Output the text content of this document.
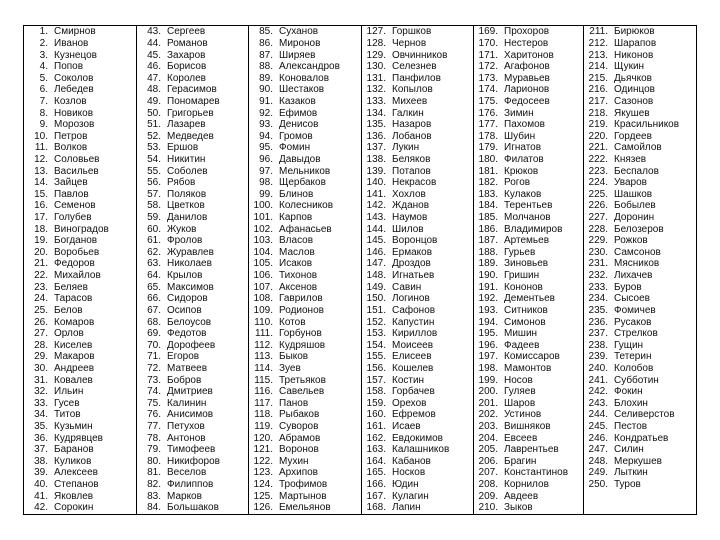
1. Смирнов	43. Сергеев	85. Суханов	127. Горшков	169. Прохоров	211. Бирюков
2. Иванов	44. Романов	86. Миронов	128. Чернов	170. Нестеров	212. Шарапов
3. Кузнецов	45. Захаров	87. Ширяев	129. Овчинников	171. Харитонов	213. Никонов
4. Попов	46. Борисов	88. Александров	130. Селезнев	172. Агафонов	214. Щукин
5. Соколов	47. Королев	89. Коновалов	131. Панфилов	173. Муравьев	215. Дьячков
6. Лебедев	48. Герасимов	90. Шестаков	132. Копылов	174. Ларионов	216. Одинцов
7. Козлов	49. Пономарев	91. Казаков	133. Михеев	175. Федосеев	217. Сазонов
8. Новиков	50. Григорьев	92. Ефимов	134. Галкин	176. Зимин	218. Якушев
9. Морозов	51. Лазарев	93. Денисов	135. Назаров	177. Пахомов	219. Красильников
10. Петров	52. Медведев	94. Громов	136. Лобанов	178. Шубин	220. Гордеев
11. Волков	53. Ершов	95. Фомин	137. Лукин	179. Игнатов	221. Самойлов
12. Соловьев	54. Никитин	96. Давыдов	138. Беляков	180. Филатов	222. Князев
13. Васильев	55. Соболев	97. Мельников	139. Потапов	181. Крюков	223. Беспалов
14. Зайцев	56. Рябов	98. Щербаков	140. Некрасов	182. Рогов	224. Уваров
15. Павлов	57. Поляков	99. Блинов	141. Хохлов	183. Кулаков	225. Шашков
16. Семенов	58. Цветков	100. Колесников	142. Жданов	184. Терентьев	226. Бобылев
17. Голубев	59. Данилов	101. Карпов	143. Наумов	185. Молчанов	227. Доронин
18. Виноградов	60. Жуков	102. Афанасьев	144. Шилов	186. Владимиров	228. Белозеров
19. Богданов	61. Фролов	103. Власов	145. Воронцов	187. Артемьев	229. Рожков
20. Воробьев	62. Журавлев	104. Маслов	146. Ермаков	188. Гурьев	230. Самсонов
21. Федоров	63. Николаев	105. Исаков	147. Дроздов	189. Зиновьев	231. Мясников
22. Михайлов	64. Крылов	106. Тихонов	148. Игнатьев	190. Гришин	232. Лихачев
23. Беляев	65. Максимов	107. Аксенов	149. Савин	191. Кононов	233. Буров
24. Тарасов	66. Сидоров	108. Гаврилов	150. Логинов	192. Дементьев	234. Сысоев
25. Белов	67. Осипов	109. Родионов	151. Сафонов	193. Ситников	235. Фомичев
26. Комаров	68. Белоусов	110. Котов	152. Капустин	194. Симонов	236. Русаков
27. Орлов	69. Федотов	111. Горбунов	153. Кириллов	195. Мишин	237. Стрелков
28. Киселев	70. Дорофеев	112. Кудряшов	154. Моисеев	196. Фадеев	238. Гущин
29. Макаров	71. Егоров	113. Быков	155. Елисеев	197. Комиссаров	239. Тетерин
30. Андреев	72. Матвеев	114. Зуев	156. Кошелев	198. Мамонтов	240. Колобов
31. Ковалев	73. Бобров	115. Третьяков	157. Костин	199. Носов	241. Субботин
32. Ильин	74. Дмитриев	116. Савельев	158. Горбачев	200. Гуляев	242. Фокин
33. Гусев	75. Калинин	117. Панов	159. Орехов	201. Шаров	243. Блохин
34. Титов	76. Анисимов	118. Рыбаков	160. Ефремов	202. Устинов	244. Селиверстов
35. Кузьмин	77. Петухов	119. Суворов	161. Исаев	203. Вишняков	245. Пестов
36. Кудрявцев	78. Антонов	120. Абрамов	162. Евдокимов	204. Евсеев	246. Кондратьев
37. Баранов	79. Тимофеев	121. Воронов	163. Калашников	205. Лаврентьев	247. Силин
38. Куликов	80. Никифоров	122. Мухин	164. Кабанов	206. Брагин	248. Меркушев
39. Алексеев	81. Веселов	123. Архипов	165. Носков	207. Константинов	249. Лыткин
40. Степанов	82. Филиппов	124. Трофимов	166. Юдин	208. Корнилов	250. Туров
41. Яковлев	83. Марков	125. Мартынов	167. Кулагин	209. Авдеев	
42. Сорокин	84. Большаков	126. Емельянов	168. Лапин	210. Зыков	
